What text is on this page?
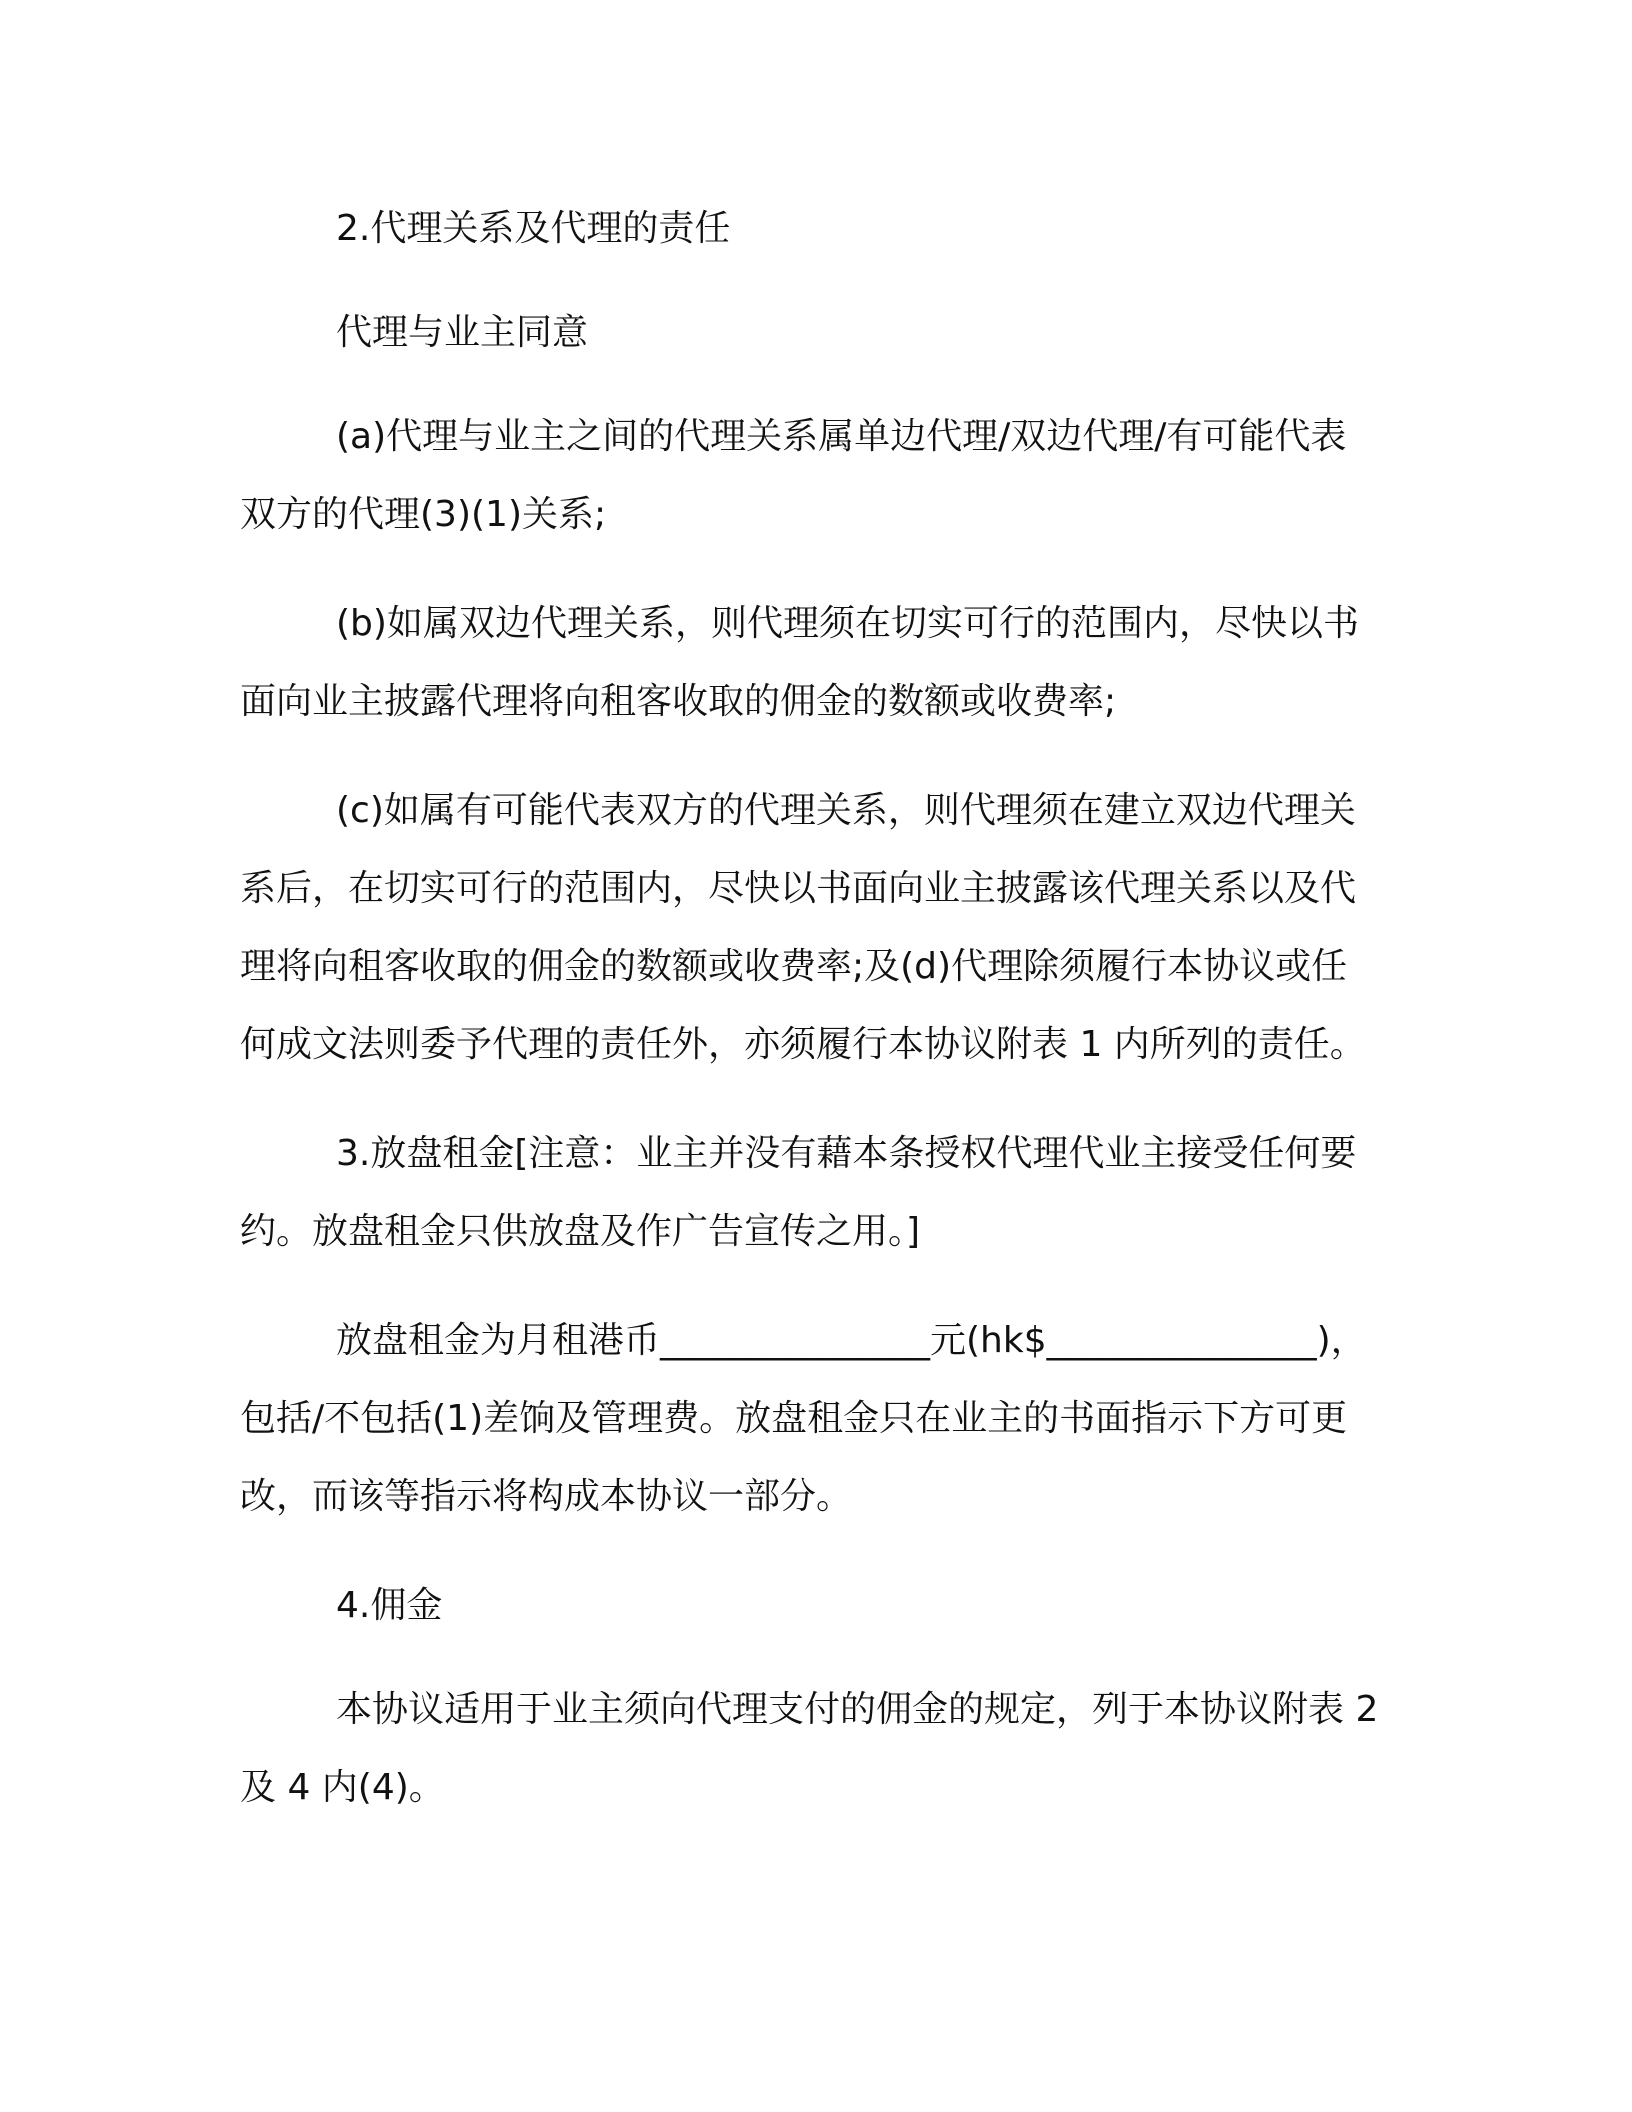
2.代理关系及代理的责任

代理与业主同意

(a)代理与业主之间的代理关系属单边代理/双边代理/有可能代表双方的代理(3)(1)关系;

(b)如属双边代理关系，则代理须在切实可行的范围内，尽快以书面向业主披露代理将向租客收取的佣金的数额或收费率;

(c)如属有可能代表双方的代理关系，则代理须在建立双边代理关系后，在切实可行的范围内，尽快以书面向业主披露该代理关系以及代理将向租客收取的佣金的数额或收费率;及(d)代理除须履行本协议或任何成文法则委予代理的责任外，亦须履行本协议附表 1 内所列的责任。

3.放盘租金[注意：业主并没有藉本条授权代理代业主接受任何要约。放盘租金只供放盘及作广告宣传之用。]

放盘租金为月租港币_______________元(hk$_______________)，包括/不包括(1)差饷及管理费。放盘租金只在业主的书面指示下方可更改，而该等指示将构成本协议一部分。

4.佣金

本协议适用于业主须向代理支付的佣金的规定，列于本协议附表 2 及 4 内(4)。
